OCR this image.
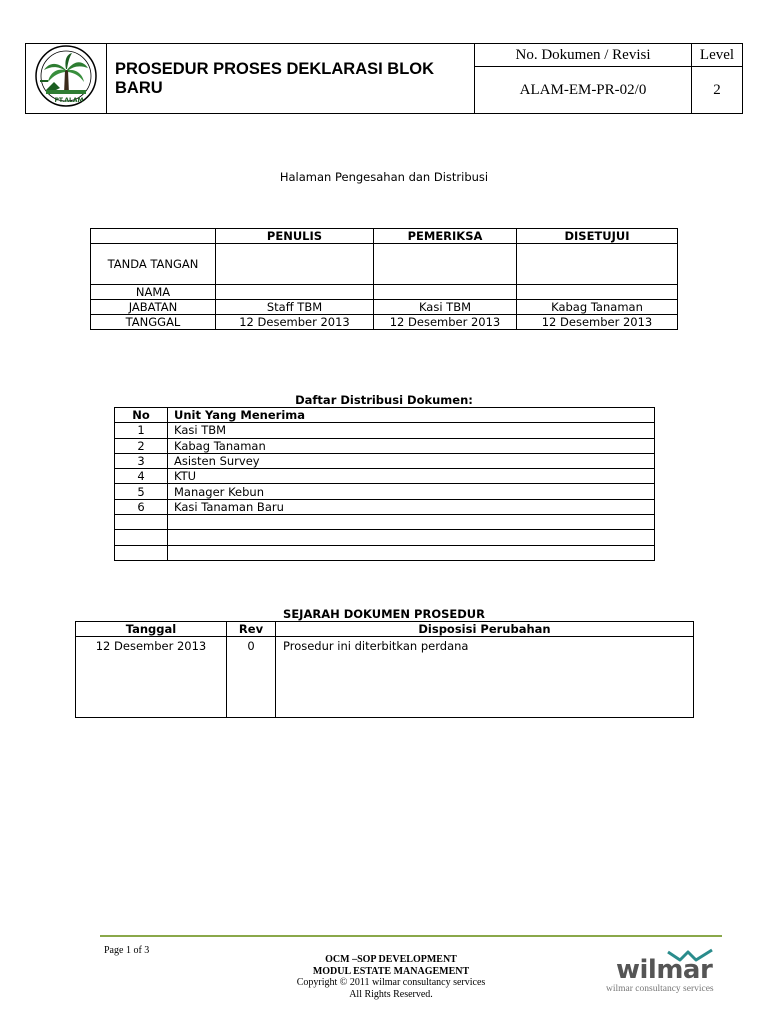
PT.ALAM	PROSEDUR PROSES DEKLARASI BLOK BARU	No. Dokumen / Revisi	Level
		ALAM-EM-PR-02/0	2
Halaman Pengesahan dan Distribusi
	PENULIS	PEMERIKSA	DISETUJUI
TANDA TANGAN			
NAMA			
JABATAN	Staff TBM	Kasi TBM	Kabag Tanaman
TANGGAL	12 Desember 2013	12 Desember 2013	12 Desember 2013
Daftar Distribusi Dokumen:
No	Unit Yang Menerima
1	Kasi TBM
2	Kabag Tanaman
3	Asisten Survey
4	KTU
5	Manager Kebun
6	Kasi Tanaman Baru

SEJARAH DOKUMEN PROSEDUR
Tanggal	Rev	Disposisi Perubahan
12 Desember 2013	0	Prosedur ini diterbitkan perdana
Page 1 of 3
OCM –SOP DEVELOPMENT
MODUL ESTATE MANAGEMENT
Copyright © 2011 wilmar consultancy services
All Rights Reserved.
wilmar
wilmar consultancy services
